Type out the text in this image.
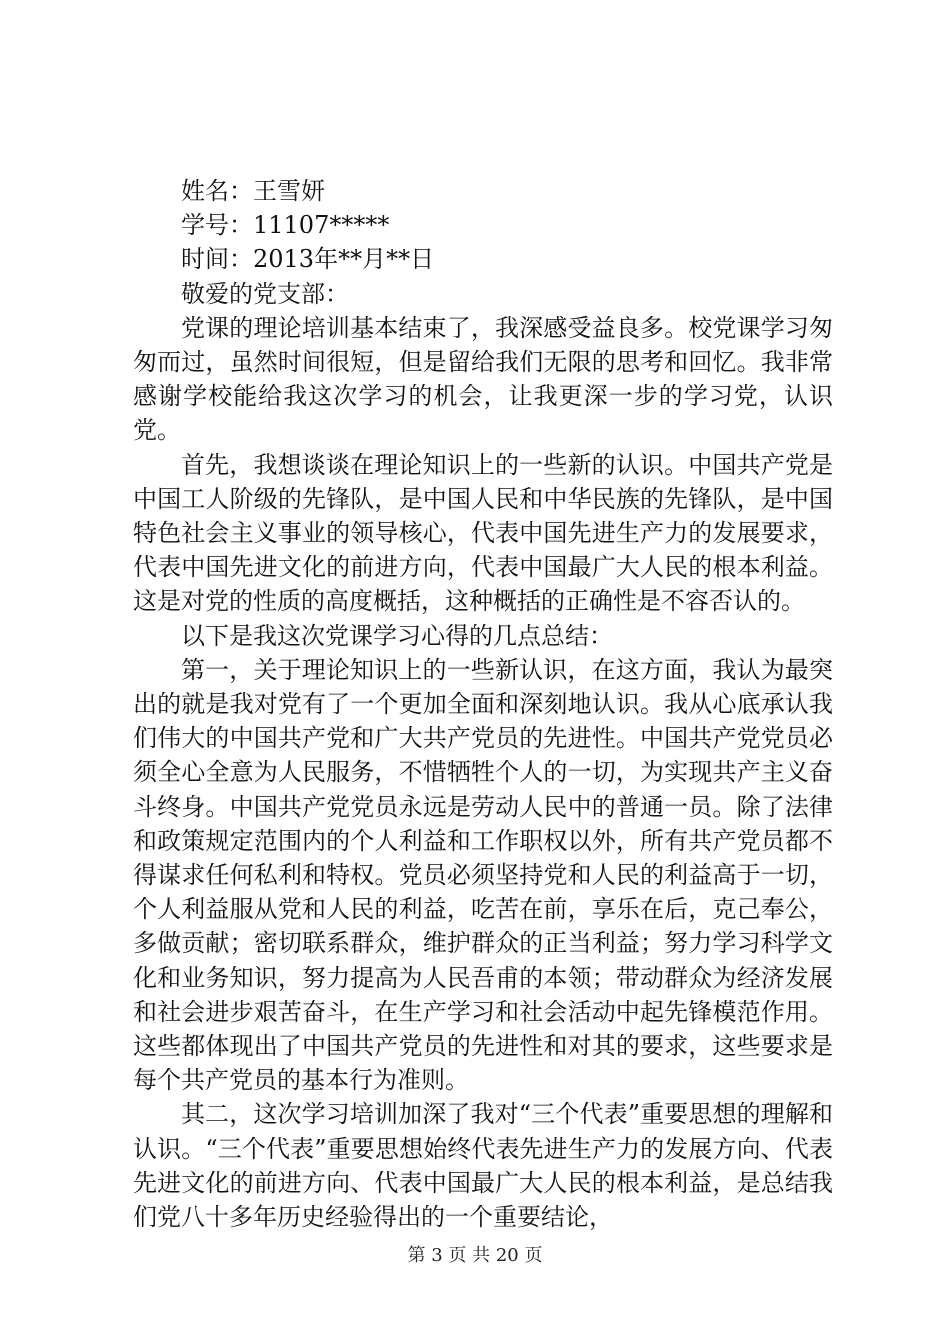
姓名：王雪妍
学号：11107*****
时间：2013年**月**日
敬爱的党支部：

党课的理论培训基本结束了，我深感受益良多。校党课学习匆匆而过，虽然时间很短，但是留给我们无限的思考和回忆。我非常感谢学校能给我这次学习的机会，让我更深一步的学习党，认识党。

首先，我想谈谈在理论知识上的一些新的认识。中国共产党是中国工人阶级的先锋队，是中国人民和中华民族的先锋队，是中国特色社会主义事业的领导核心，代表中国先进生产力的发展要求，代表中国先进文化的前进方向，代表中国最广大人民的根本利益。这是对党的性质的高度概括，这种概括的正确性是不容否认的。

以下是我这次党课学习心得的几点总结：

第一，关于理论知识上的一些新认识，在这方面，我认为最突出的就是我对党有了一个更加全面和深刻地认识。我从心底承认我们伟大的中国共产党和广大共产党员的先进性。中国共产党党员必须全心全意为人民服务，不惜牺牲个人的一切，为实现共产主义奋斗终身。中国共产党党员永远是劳动人民中的普通一员。除了法律和政策规定范围内的个人利益和工作职权以外，所有共产党员都不得谋求任何私利和特权。党员必须坚持党和人民的利益高于一切，个人利益服从党和人民的利益，吃苦在前，享乐在后，克己奉公，多做贡献；密切联系群众，维护群众的正当利益；努力学习科学文化和业务知识，努力提高为人民吾甫的本领；带动群众为经济发展和社会进步艰苦奋斗，在生产学习和社会活动中起先锋模范作用。这些都体现出了中国共产党员的先进性和对其的要求，这些要求是每个共产党员的基本行为准则。

其二，这次学习培训加深了我对“三个代表”重要思想的理解和认识。“三个代表”重要思想始终代表先进生产力的发展方向、代表先进文化的前进方向、代表中国最广大人民的根本利益，是总结我们党八十多年历史经验得出的一个重要结论，

第 3 页 共 20 页
